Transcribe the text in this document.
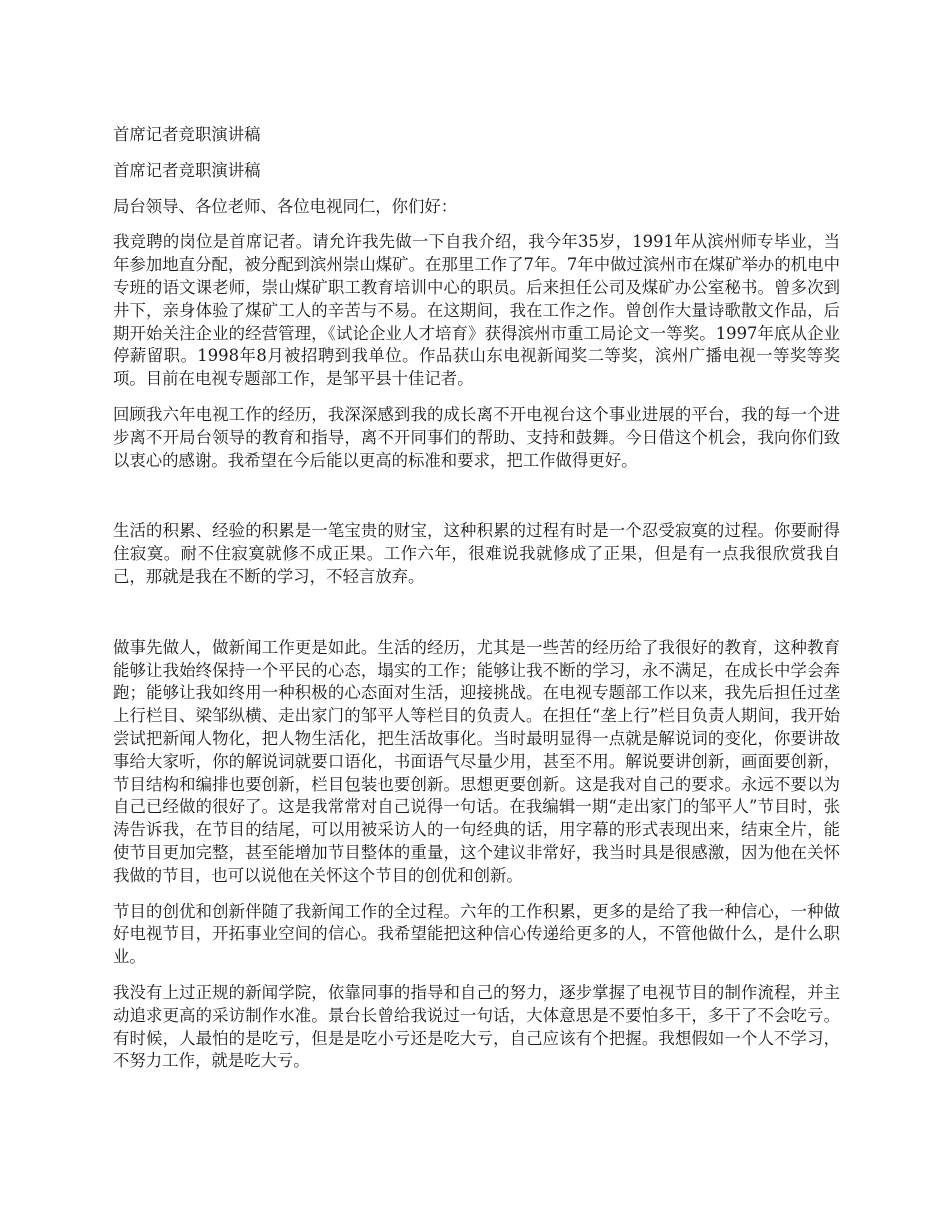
首席记者竞职演讲稿

首席记者竞职演讲稿

局台领导、各位老师、各位电视同仁，你们好：

我竞聘的岗位是首席记者。请允许我先做一下自我介绍，我今年35岁，1991年从滨州师专毕业，当年参加地直分配，被分配到滨州崇山煤矿。在那里工作了7年。7年中做过滨州市在煤矿举办的机电中专班的语文课老师，崇山煤矿职工教育培训中心的职员。后来担任公司及煤矿办公室秘书。曾多次到井下，亲身体验了煤矿工人的辛苦与不易。在这期间，我在工作之作。曾创作大量诗歌散文作品，后期开始关注企业的经营管理，《试论企业人才培育》获得滨州市重工局论文一等奖。1997年底从企业停薪留职。1998年8月被招聘到我单位。作品获山东电视新闻奖二等奖，滨州广播电视一等奖等奖项。目前在电视专题部工作，是邹平县十佳记者。

回顾我六年电视工作的经历，我深深感到我的成长离不开电视台这个事业进展的平台，我的每一个进步离不开局台领导的教育和指导，离不开同事们的帮助、支持和鼓舞。今日借这个机会，我向你们致以衷心的感谢。我希望在今后能以更高的标准和要求，把工作做得更好。

生活的积累、经验的积累是一笔宝贵的财宝，这种积累的过程有时是一个忍受寂寞的过程。你要耐得住寂寞。耐不住寂寞就修不成正果。工作六年，很难说我就修成了正果，但是有一点我很欣赏我自己，那就是我在不断的学习，不轻言放弃。

做事先做人，做新闻工作更是如此。生活的经历，尤其是一些苦的经历给了我很好的教育，这种教育能够让我始终保持一个平民的心态，塌实的工作；能够让我不断的学习，永不满足，在成长中学会奔跑；能够让我如终用一种积极的心态面对生活，迎接挑战。在电视专题部工作以来，我先后担任过垄上行栏目、梁邹纵横、走出家门的邹平人等栏目的负责人。在担任“垄上行”栏目负责人期间，我开始尝试把新闻人物化，把人物生活化，把生活故事化。当时最明显得一点就是解说词的变化，你要讲故事给大家听，你的解说词就要口语化，书面语气尽量少用，甚至不用。解说要讲创新，画面要创新，节目结构和编排也要创新，栏目包装也要创新。思想更要创新。这是我对自己的要求。永远不要以为自己已经做的很好了。这是我常常对自己说得一句话。在我编辑一期“走出家门的邹平人”节目时，张涛告诉我，在节目的结尾，可以用被采访人的一句经典的话，用字幕的形式表现出来，结束全片，能使节目更加完整，甚至能增加节目整体的重量，这个建议非常好，我当时具是很感激，因为他在关怀我做的节目，也可以说他在关怀这个节目的创优和创新。

节目的创优和创新伴随了我新闻工作的全过程。六年的工作积累，更多的是给了我一种信心，一种做好电视节目，开拓事业空间的信心。我希望能把这种信心传递给更多的人，不管他做什么，是什么职业。

我没有上过正规的新闻学院，依靠同事的指导和自己的努力，逐步掌握了电视节目的制作流程，并主动追求更高的采访制作水准。景台长曾给我说过一句话，大体意思是不要怕多干，多干了不会吃亏。有时候，人最怕的是吃亏，但是是吃小亏还是吃大亏，自己应该有个把握。我想假如一个人不学习，不努力工作，就是吃大亏。
